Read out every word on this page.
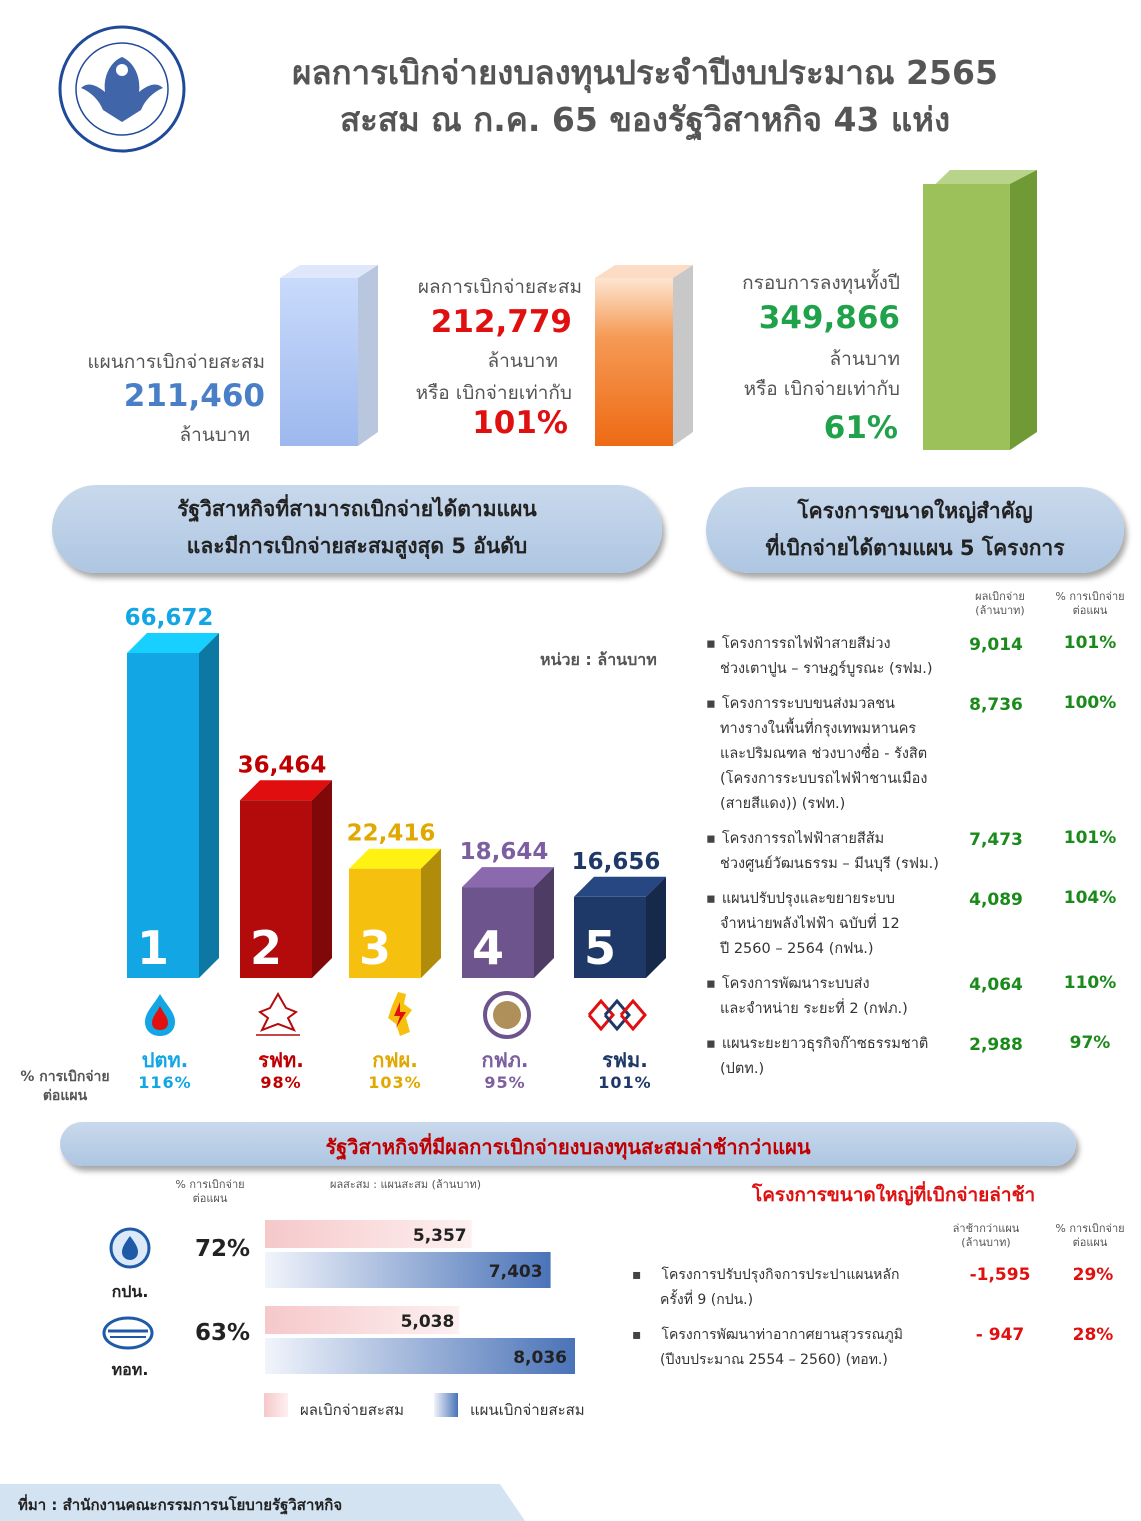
ผลการเบิกจ่ายงบลงทุนประจำปีงบประมาณ 2565
สะสม ณ ก.ค. 65 ของรัฐวิสาหกิจ 43 แห่ง
แผนการเบิกจ่ายสะสม
211,460
ล้านบาท
ผลการเบิกจ่ายสะสม
212,779
ล้านบาท
หรือ เบิกจ่ายเท่ากับ
101%
กรอบการลงทุนทั้งปี
349,866
ล้านบาท
หรือ เบิกจ่ายเท่ากับ
61%
รัฐวิสาหกิจที่สามารถเบิกจ่ายได้ตามแผน
และมีการเบิกจ่ายสะสมสูงสุด 5 อันดับ
โครงการขนาดใหญ่สำคัญ
ที่เบิกจ่ายได้ตามแผน 5 โครงการ
หน่วย : ล้านบาท
1
66,672
2
36,464
3
22,416
4
18,644
5
16,656
ปตท.
116%
รฟท.
98%
กฟผ.
103%
กฟภ.
95%
รฟม.
101%
% การเบิกจ่าย
ต่อแผน
ผลเบิกจ่าย
(ล้านบาท)
% การเบิกจ่าย
ต่อแผน
▪ โครงการรถไฟฟ้าสายสีม่วง
ช่วงเตาปูน – ราษฎร์บูรณะ (รฟม.)
9,014	101%
▪ โครงการระบบขนส่งมวลชน
ทางรางในพื้นที่กรุงเทพมหานคร
และปริมณฑล ช่วงบางซื่อ - รังสิต
(โครงการระบบรถไฟฟ้าชานเมือง
(สายสีแดง)) (รฟท.)
8,736	100%
▪ โครงการรถไฟฟ้าสายสีส้ม
ช่วงศูนย์วัฒนธรรม – มีนบุรี (รฟม.)
7,473	101%
▪ แผนปรับปรุงและขยายระบบ
จำหน่ายพลังไฟฟ้า ฉบับที่ 12
ปี 2560 – 2564 (กฟน.)
4,089	104%
▪ โครงการพัฒนาระบบส่ง
และจำหน่าย ระยะที่ 2 (กฟภ.)
4,064	110%
▪ แผนระยะยาวธุรกิจก๊าซธรรมชาติ
(ปตท.)
2,988	97%
รัฐวิสาหกิจที่มีผลการเบิกจ่ายงบลงทุนสะสมล่าช้ากว่าแผน
% การเบิกจ่าย
ต่อแผน
ผลสะสม : แผนสะสม (ล้านบาท)
กปน.
ทอท.
72%
63%
5,357
7,403
5,038
8,036
ผลเบิกจ่ายสะสม	แผนเบิกจ่ายสะสม
โครงการขนาดใหญ่ที่เบิกจ่ายล่าช้า
ล่าช้ากว่าแผน
(ล้านบาท)
% การเบิกจ่าย
ต่อแผน
▪ โครงการปรับปรุงกิจการประปาแผนหลัก
ครั้งที่ 9 (กปน.)
-1,595	29%
▪ โครงการพัฒนาท่าอากาศยานสุวรรณภูมิ
(ปีงบประมาณ 2554 – 2560) (ทอท.)
- 947	28%
ที่มา : สำนักงานคณะกรรมการนโยบายรัฐวิสาหกิจ
